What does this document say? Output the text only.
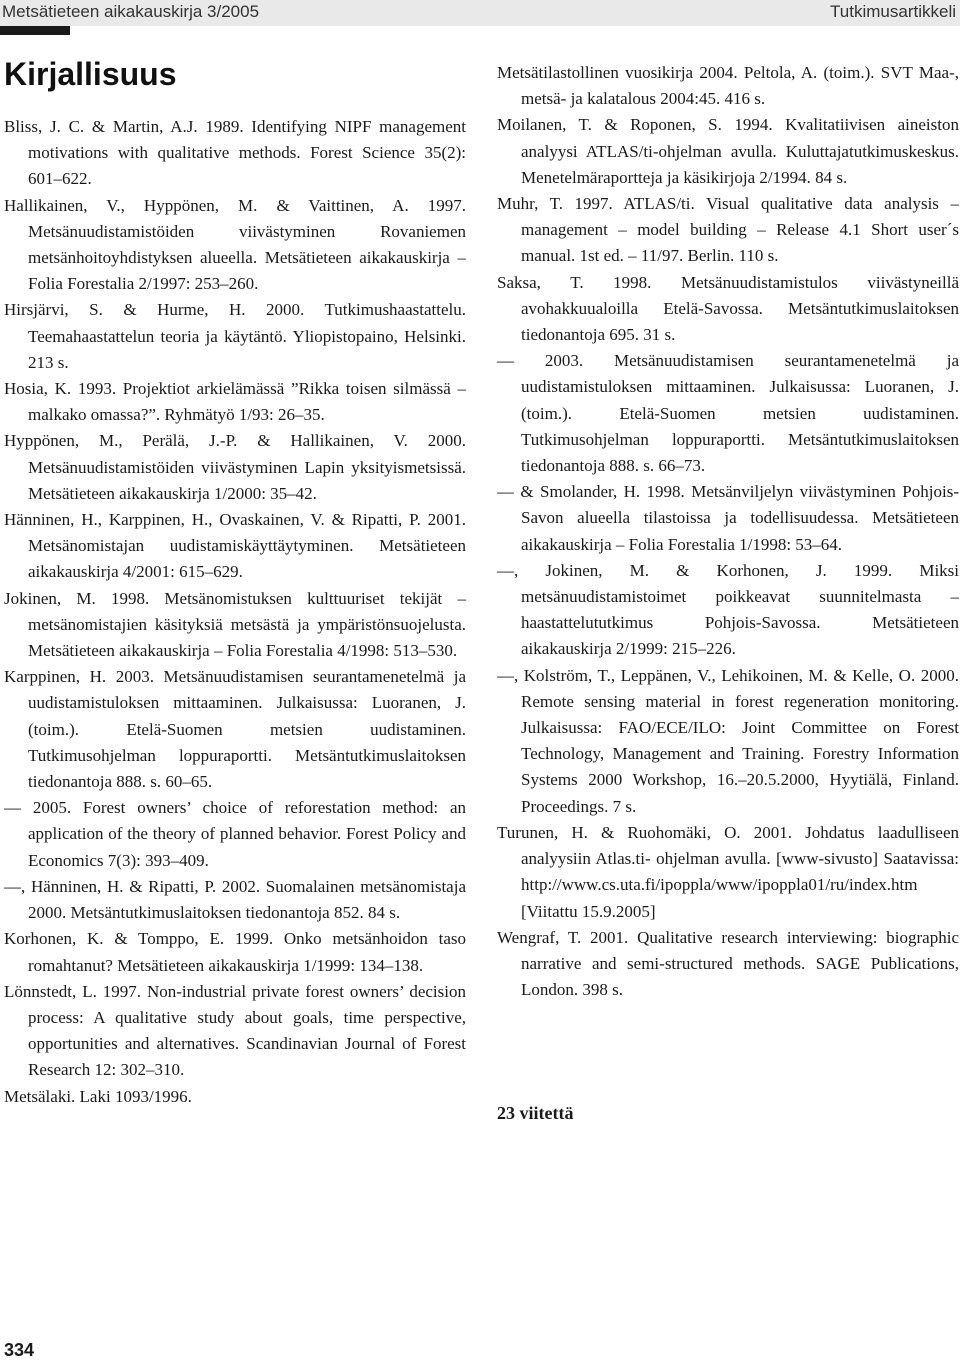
Metsätieteen aikakauskirja 3/2005	Tutkimusartikkeli
Kirjallisuus

Bliss, J. C. & Martin, A.J. 1989. Identifying NIPF management motivations with qualitative methods. Forest Science 35(2): 601–622.

Hallikainen, V., Hyppönen, M. & Vaittinen, A. 1997. Metsänuudistamistöiden viivästyminen Rovaniemen metsänhoitoyhdistyksen alueella. Metsätieteen aikakauskirja – Folia Forestalia 2/1997: 253–260.

Hirsjärvi, S. & Hurme, H. 2000. Tutkimushaastattelu. Teemahaastattelun teoria ja käytäntö. Yliopistopaino, Helsinki. 213 s.

Hosia, K. 1993. Projektiot arkielämässä ”Rikka toisen silmässä – malkako omassa?”. Ryhmätyö 1/93: 26–35.

Hyppönen, M., Perälä, J.-P. & Hallikainen, V. 2000. Metsänuudistamistöiden viivästyminen Lapin yksityismetsissä. Metsätieteen aikakauskirja 1/2000: 35–42.

Hänninen, H., Karppinen, H., Ovaskainen, V. & Ripatti, P. 2001. Metsänomistajan uudistamiskäyttäytyminen. Metsätieteen aikakauskirja 4/2001: 615–629.

Jokinen, M. 1998. Metsänomistuksen kulttuuriset tekijät – metsänomistajien käsityksiä metsästä ja ympäristönsuojelusta. Metsätieteen aikakauskirja – Folia Forestalia 4/1998: 513–530.

Karppinen, H. 2003. Metsänuudistamisen seurantamenetelmä ja uudistamistuloksen mittaaminen. Julkaisussa: Luoranen, J. (toim.). Etelä-Suomen metsien uudistaminen. Tutkimusohjelman loppuraportti. Metsäntutkimuslaitoksen tiedonantoja 888. s. 60–65.

— 2005. Forest owners’ choice of reforestation method: an application of the theory of planned behavior. Forest Policy and Economics 7(3): 393–409.

—, Hänninen, H. & Ripatti, P. 2002. Suomalainen metsänomistaja 2000. Metsäntutkimuslaitoksen tiedonantoja 852. 84 s.

Korhonen, K. & Tomppo, E. 1999. Onko metsänhoidon taso romahtanut? Metsätieteen aikakauskirja 1/1999: 134–138.

Lönnstedt, L. 1997. Non-industrial private forest owners’ decision process: A qualitative study about goals, time perspective, opportunities and alternatives. Scandinavian Journal of Forest Research 12: 302–310.

Metsälaki. Laki 1093/1996.

Metsätilastollinen vuosikirja 2004. Peltola, A. (toim.). SVT Maa-, metsä- ja kalatalous 2004:45. 416 s.

Moilanen, T. & Roponen, S. 1994. Kvalitatiivisen aineiston analyysi ATLAS/ti-ohjelman avulla. Kuluttajatutkimuskeskus. Menetelmäraportteja ja käsikirjoja 2/1994. 84 s.

Muhr, T. 1997. ATLAS/ti. Visual qualitative data analysis – management – model building – Release 4.1 Short user´s manual. 1st ed. – 11/97. Berlin. 110 s.

Saksa, T. 1998. Metsänuudistamistulos viivästyneillä avohakkuualoilla Etelä-Savossa. Metsäntutkimuslaitoksen tiedonantoja 695. 31 s.

— 2003. Metsänuudistamisen seurantamenetelmä ja uudistamistuloksen mittaaminen. Julkaisussa: Luoranen, J. (toim.). Etelä-Suomen metsien uudistaminen. Tutkimusohjelman loppuraportti. Metsäntutkimuslaitoksen tiedonantoja 888. s. 66–73.

— & Smolander, H. 1998. Metsänviljelyn viivästyminen Pohjois-Savon alueella tilastoissa ja todellisuudessa. Metsätieteen aikakauskirja – Folia Forestalia 1/1998: 53–64.

—, Jokinen, M. & Korhonen, J. 1999. Miksi metsänuudistamistoimet poikkeavat suunnitelmasta – haastattelututkimus Pohjois-Savossa. Metsätieteen aikakauskirja 2/1999: 215–226.

—, Kolström, T., Leppänen, V., Lehikoinen, M. & Kelle, O. 2000. Remote sensing material in forest regeneration monitoring. Julkaisussa: FAO/ECE/ILO: Joint Committee on Forest Technology, Management and Training. Forestry Information Systems 2000 Workshop, 16.–20.5.2000, Hyytiälä, Finland. Proceedings. 7 s.

Turunen, H. & Ruohomäki, O. 2001. Johdatus laadulliseen analyysiin Atlas.ti- ohjelman avulla. [www-sivusto] Saatavissa: http://www.cs.uta.fi/ipoppla/www/ipoppla01/ru/index.htm [Viitattu 15.9.2005]

Wengraf, T. 2001. Qualitative research interviewing: biographic narrative and semi-structured methods. SAGE Publications, London. 398 s.

23 viitettä
334
